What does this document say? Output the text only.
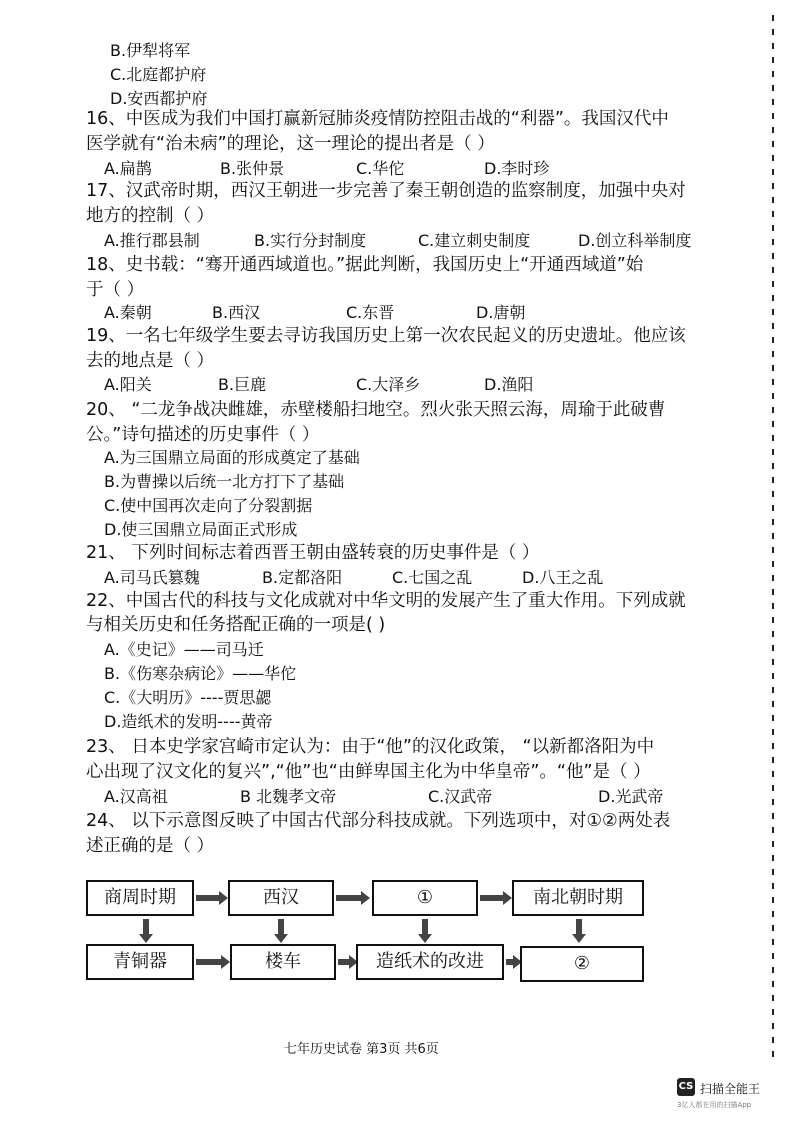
B.伊犁将军
C.北庭都护府
D.安西都护府
16、中医成为我们中国打赢新冠肺炎疫情防控阻击战的“利器”。我国汉代中
医学就有“治未病”的理论，这一理论的提出者是（ ）
A.扁鹊	B.张仲景	C.华佗	D.李时珍
17、汉武帝时期，西汉王朝进一步完善了秦王朝创造的监察制度，加强中央对
地方的控制（ ）
A.推行郡县制	B.实行分封制度	C.建立刺史制度	D.创立科举制度
18、史书载：“骞开通西域道也。”据此判断，我国历史上“开通西域道”始
于（ ）
A.秦朝	B.西汉	C.东晋	D.唐朝
19、一名七年级学生要去寻访我国历史上第一次农民起义的历史遗址。他应该
去的地点是（ ）
A.阳关	B.巨鹿	C.大泽乡	D.渔阳
20、 “二龙争战决雌雄，赤壁楼船扫地空。烈火张天照云海，周瑜于此破曹
公。”诗句描述的历史事件（ ）
A.为三国鼎立局面的形成奠定了基础
B.为曹操以后统一北方打下了基础
C.使中国再次走向了分裂割据
D.使三国鼎立局面正式形成
21、 下列时间标志着西晋王朝由盛转衰的历史事件是（ ）
A.司马氏篡魏	B.定都洛阳	C.七国之乱	D.八王之乱
22、中国古代的科技与文化成就对中华文明的发展产生了重大作用。下列成就
与相关历史和任务搭配正确的一项是( )
A.《史记》——司马迁
B.《伤寒杂病论》——华佗
C.《大明历》----贾思勰
D.造纸术的发明----黄帝
23、 日本史学家宫崎市定认为：由于“他”的汉化政策， “以新都洛阳为中
心出现了汉文化的复兴”,“他”也“由鲜卑国主化为中华皇帝”。“他”是（ ）
A.汉高祖	B 北魏孝文帝	C.汉武帝	D.光武帝
24、 以下示意图反映了中国古代部分科技成就。下列选项中，对①②两处表
述正确的是（ ）
商周时期	西汉	①	南北朝时期
青铜器	楼车	造纸术的改进	②
七年历史试卷 第3页 共6页
CS 扫描全能王
3亿人都在用的扫描App
